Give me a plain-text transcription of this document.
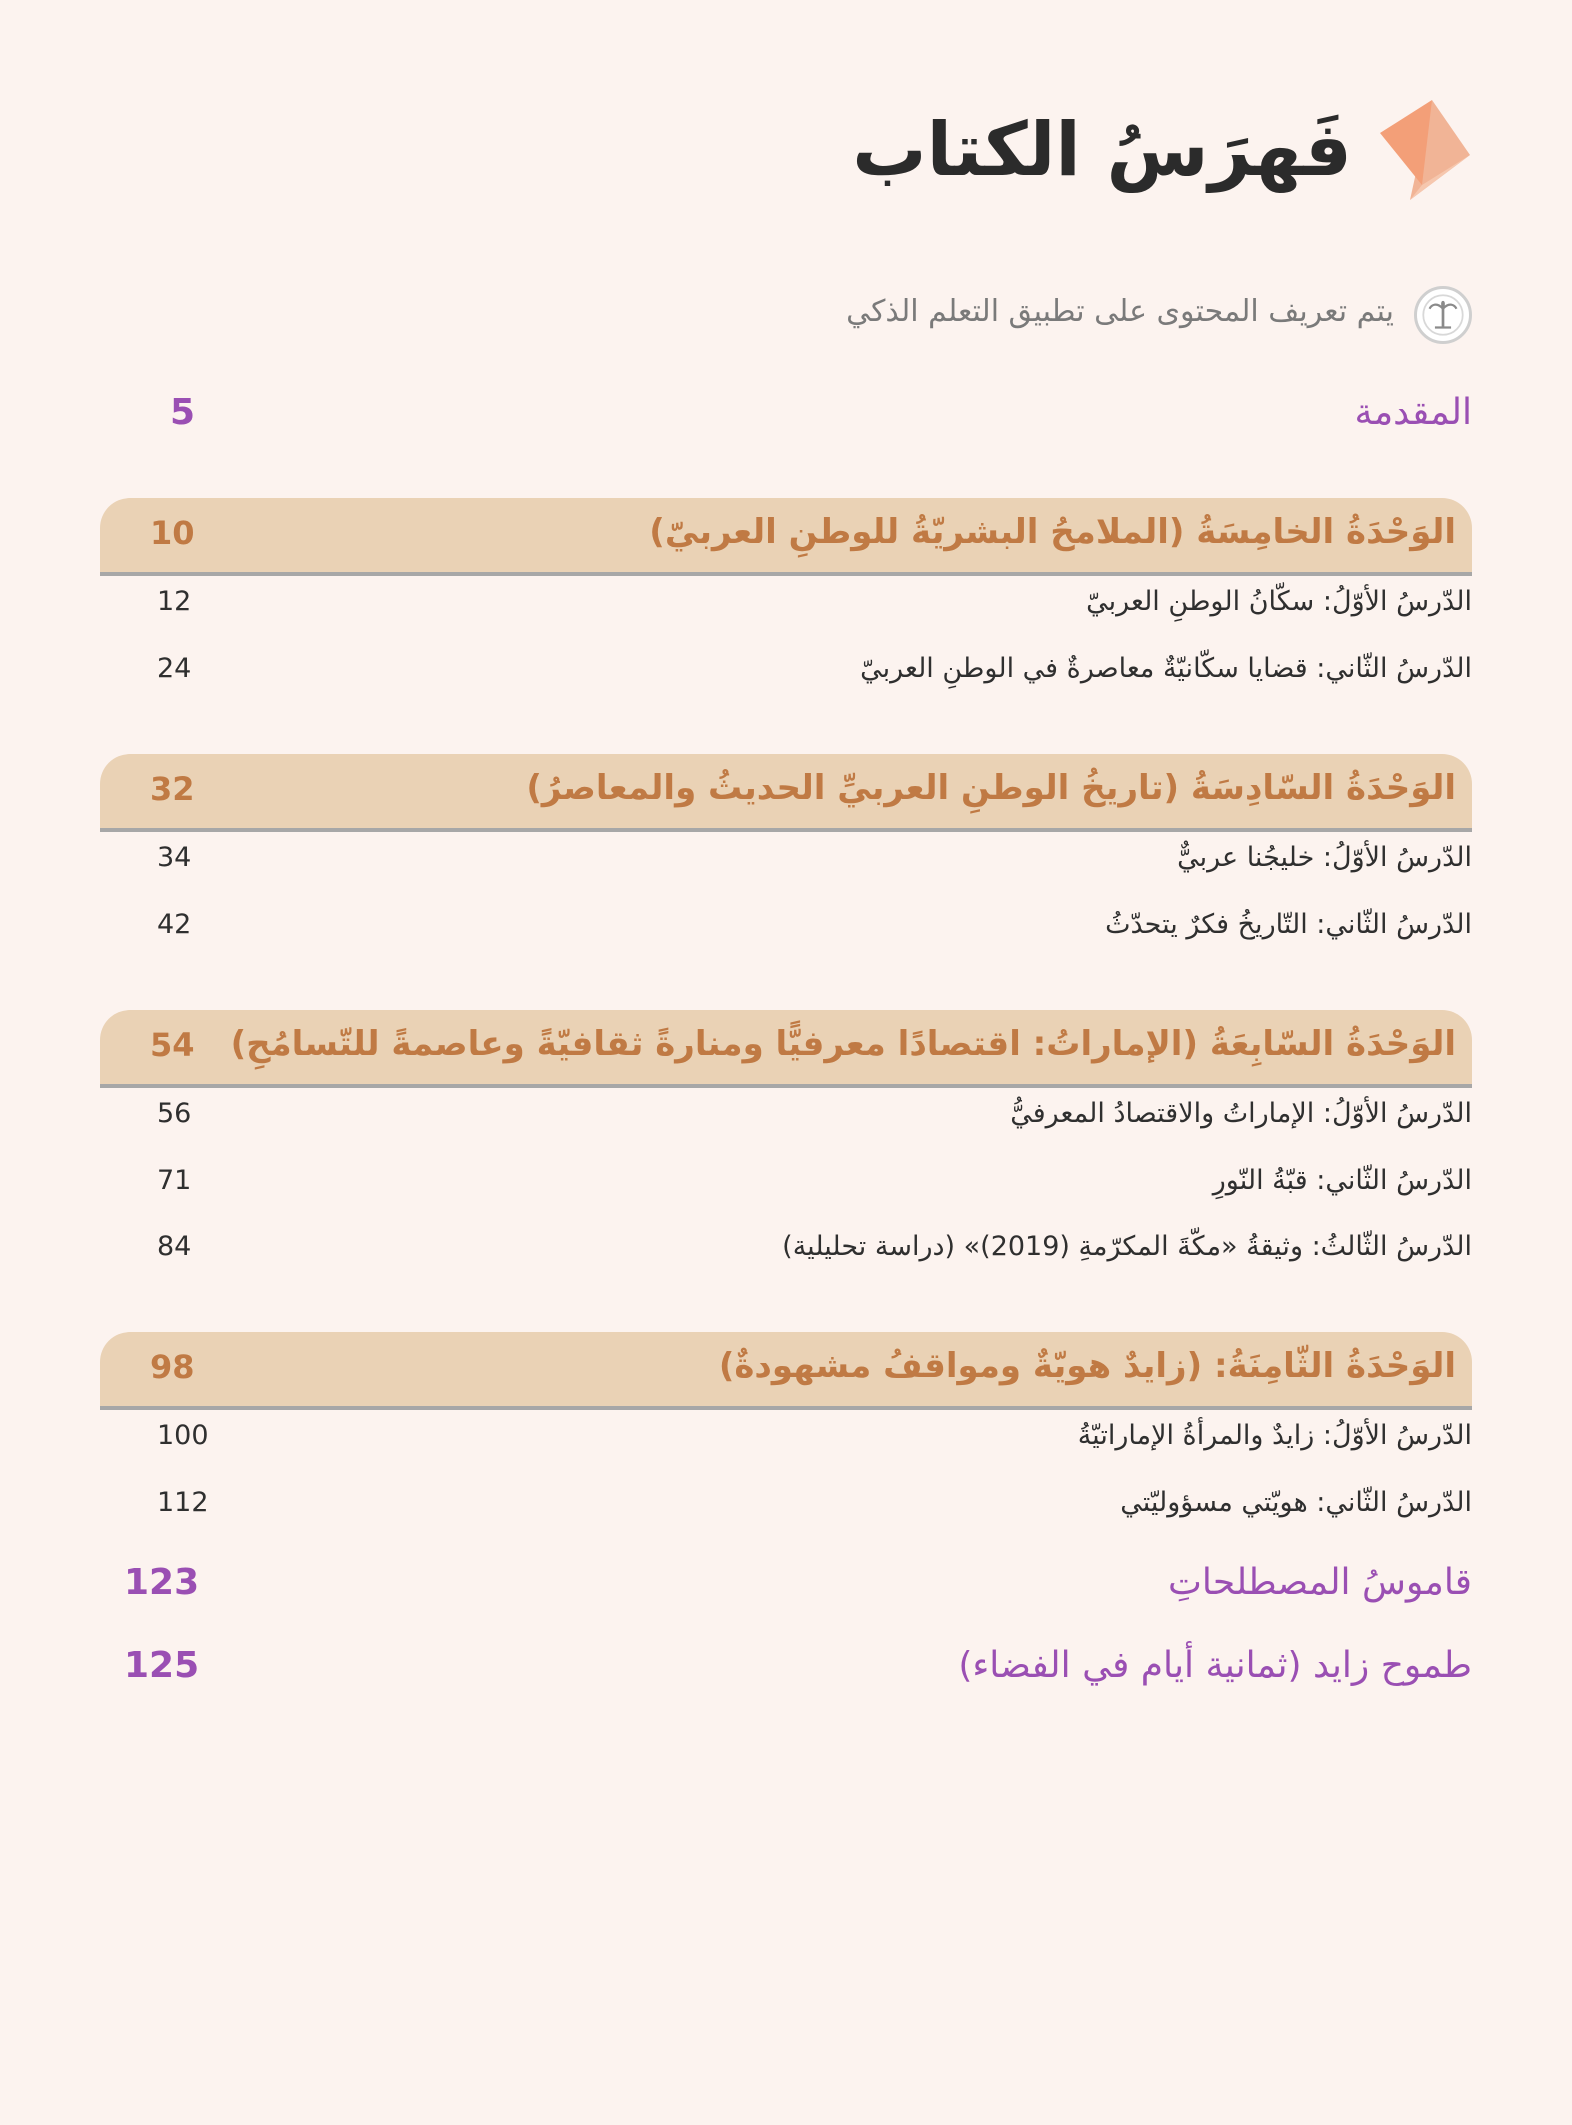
فَهرَسُ الكتاب
يتم تعريف المحتوى على تطبيق التعلم الذكي
المقدمة
5
الوَحْدَةُ الخامِسَةُ (الملامحُ البشريّةُ للوطنِ العربيّ)
10
الدّرسُ الأوّلُ: سكّانُ الوطنِ العربيّ
12
الدّرسُ الثّاني: قضايا سكّانيّةٌ معاصرةٌ في الوطنِ العربيّ
24
الوَحْدَةُ السّادِسَةُ (تاريخُ الوطنِ العربيِّ الحديثُ والمعاصرُ)
32
الدّرسُ الأوّلُ: خليجُنا عربيٌّ
34
الدّرسُ الثّاني: التّاريخُ فكرٌ يتحدّثُ
42
الوَحْدَةُ السّابِعَةُ (الإماراتُ: اقتصادًا معرفيًّا ومنارةً ثقافيّةً وعاصمةً للتّسامُحِ)
54
الدّرسُ الأوّلُ: الإماراتُ والاقتصادُ المعرفيُّ
56
الدّرسُ الثّاني: قبّةُ النّورِ
71
الدّرسُ الثّالثُ: وثيقةُ «مكّةَ المكرّمةِ (2019)» (دراسة تحليلية)
84
الوَحْدَةُ الثّامِنَةُ: (زايدٌ هويّةٌ ومواقفُ مشهودةٌ)
98
الدّرسُ الأوّلُ: زايدٌ والمرأةُ الإماراتيّةُ
100
الدّرسُ الثّاني: هويّتي مسؤوليّتي
112
قاموسُ المصطلحاتِ
123
طموح زايد (ثمانية أيام في الفضاء)
125
